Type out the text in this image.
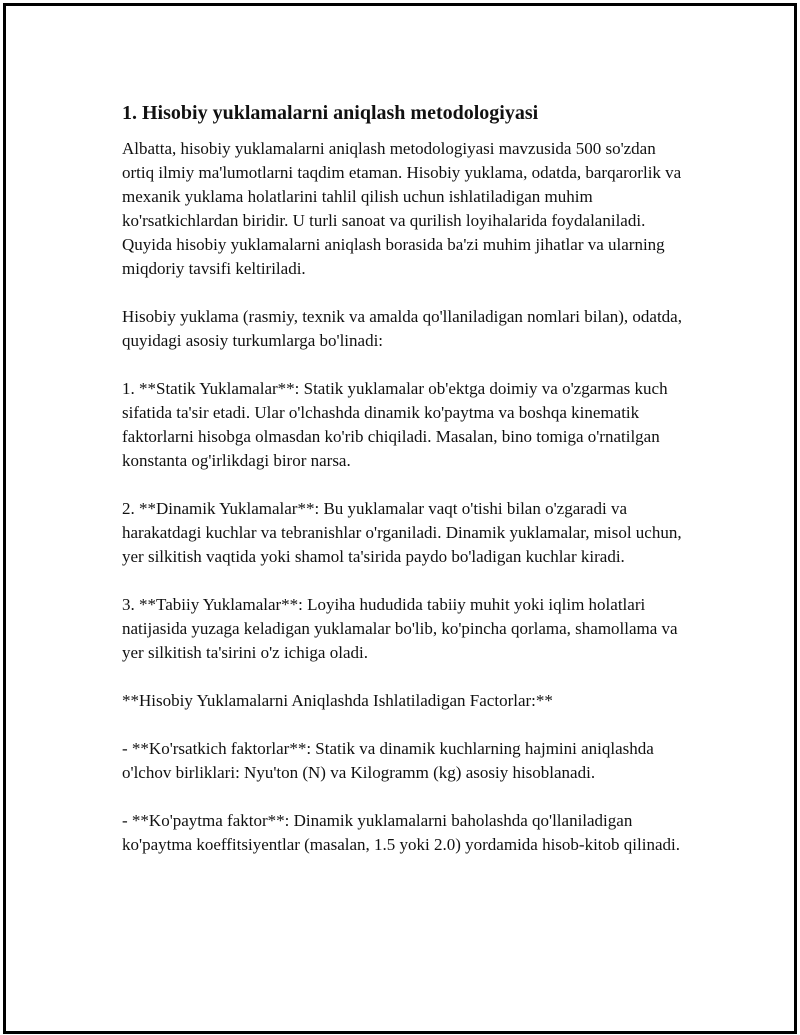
1. Hisobiy yuklamalarni aniqlash metodologiyasi

Albatta, hisobiy yuklamalarni aniqlash metodologiyasi mavzusida 500 so'zdan ortiq ilmiy ma'lumotlarni taqdim etaman. Hisobiy yuklama, odatda, barqarorlik va mexanik yuklama holatlarini tahlil qilish uchun ishlatiladigan muhim ko'rsatkichlardan biridir. U turli sanoat va qurilish loyihalarida foydalaniladi. Quyida hisobiy yuklamalarni aniqlash borasida ba'zi muhim jihatlar va ularning miqdoriy tavsifi keltiriladi.

Hisobiy yuklama (rasmiy, texnik va amalda qo'llaniladigan nomlari bilan), odatda, quyidagi asosiy turkumlarga bo'linadi:

1. **Statik Yuklamalar**: Statik yuklamalar ob'ektga doimiy va o'zgarmas kuch sifatida ta'sir etadi. Ular o'lchashda dinamik ko'paytma va boshqa kinematik faktorlarni hisobga olmasdan ko'rib chiqiladi. Masalan, bino tomiga o'rnatilgan konstanta og'irlikdagi biror narsa.

2. **Dinamik Yuklamalar**: Bu yuklamalar vaqt o'tishi bilan o'zgaradi va harakatdagi kuchlar va tebranishlar o'rganiladi. Dinamik yuklamalar, misol uchun, yer silkitish vaqtida yoki shamol ta'sirida paydo bo'ladigan kuchlar kiradi.

3. **Tabiiy Yuklamalar**: Loyiha hududida tabiiy muhit yoki iqlim holatlari natijasida yuzaga keladigan yuklamalar bo'lib, ko'pincha qorlama, shamollama va yer silkitish ta'sirini o'z ichiga oladi.

**Hisobiy Yuklamalarni Aniqlashda Ishlatiladigan Factorlar:**

- **Ko'rsatkich faktorlar**: Statik va dinamik kuchlarning hajmini aniqlashda o'lchov birliklari: Nyu'ton (N) va Kilogramm (kg) asosiy hisoblanadi.

- **Ko'paytma faktor**: Dinamik yuklamalarni baholashda qo'llaniladigan ko'paytma koeffitsiyentlar (masalan, 1.5 yoki 2.0) yordamida hisob-kitob qilinadi.
